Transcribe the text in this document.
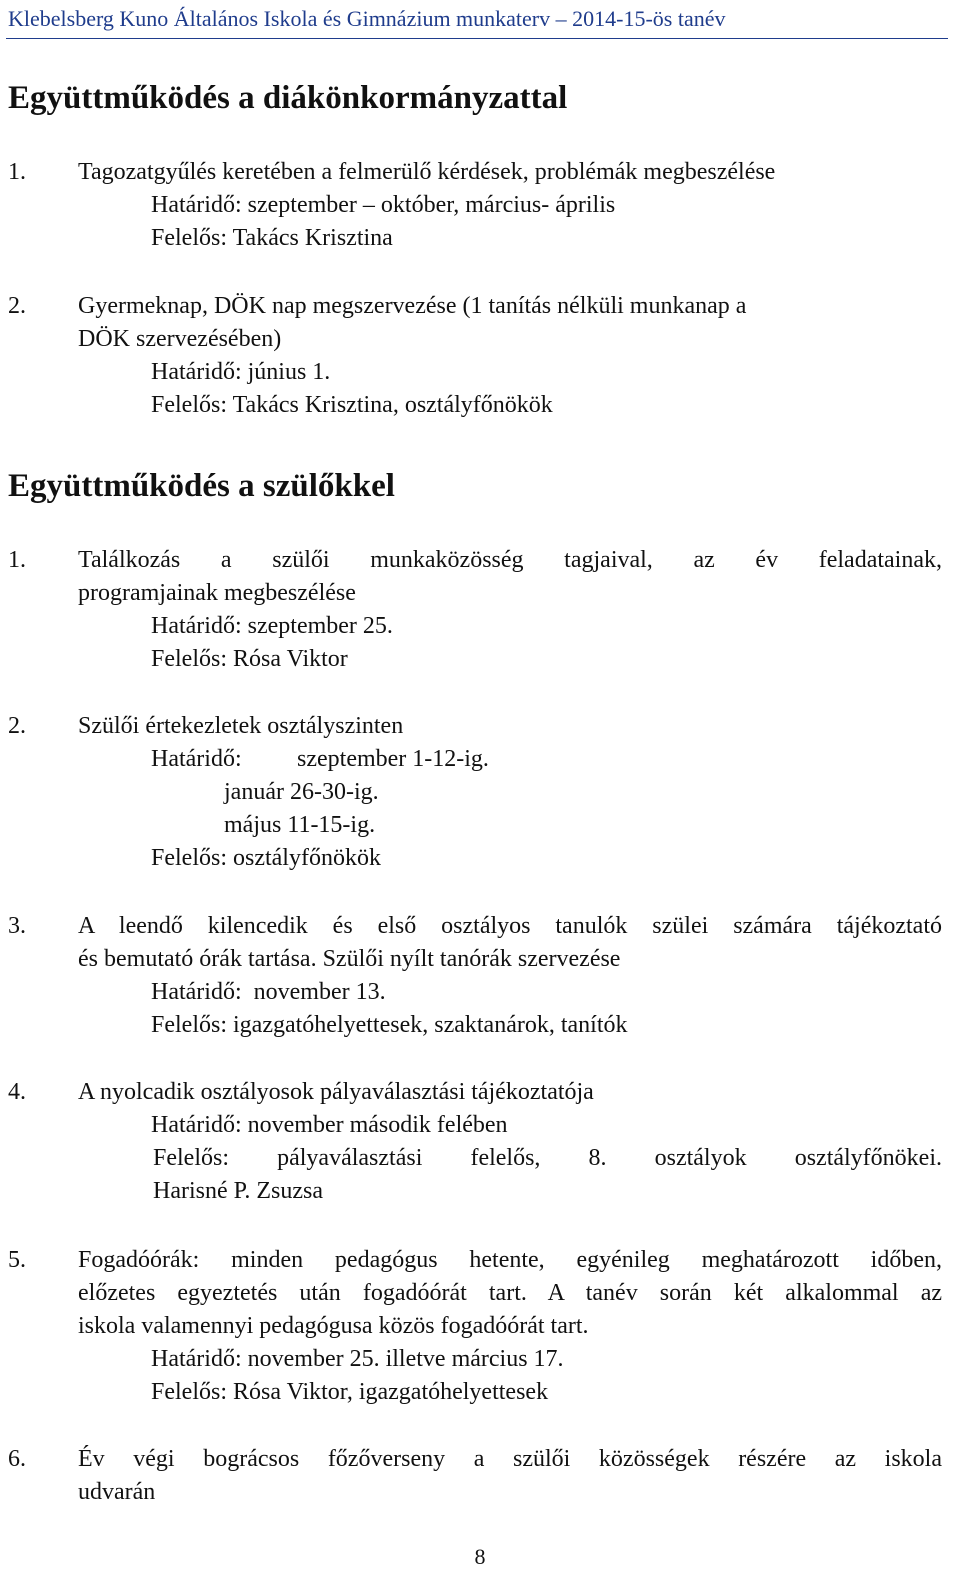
Klebelsberg Kuno Általános Iskola és Gimnázium munkaterv – 2014-15-ös tanév
Együttműködés a diákönkormányzattal
1. Tagozatgyűlés keretében a felmerülő kérdések, problémák megbeszélése
Határidő: szeptember – október, március- április
Felelős: Takács Krisztina
2. Gyermeknap, DÖK nap megszervezése (1 tanítás nélküli munkanap a
DÖK szervezésében)
Határidő: június 1.
Felelős: Takács Krisztina, osztályfőnökök
Együttműködés a szülőkkel
1. Találkozás a szülői munkaközösség tagjaival, az év feladatainak,
programjainak megbeszélése
Határidő: szeptember 25.
Felelős: Rósa Viktor
2. Szülői értekezletek osztályszinten
Határidő: szeptember 1-12-ig.
január 26-30-ig.
május 11-15-ig.
Felelős: osztályfőnökök
3. A leendő kilencedik és első osztályos tanulók szülei számára tájékoztató
és bemutató órák tartása. Szülői nyílt tanórák szervezése
Határidő:  november 13.
Felelős: igazgatóhelyettesek, szaktanárok, tanítók
4. A nyolcadik osztályosok pályaválasztási tájékoztatója
Határidő: november második felében
Felelős: pályaválasztási felelős, 8. osztályok osztályfőnökei.
Harisné P. Zsuzsa
5. Fogadóórák: minden pedagógus hetente, egyénileg meghatározott időben,
előzetes egyeztetés után fogadóórát tart. A tanév során két alkalommal az
iskola valamennyi pedagógusa közös fogadóórát tart.
Határidő: november 25. illetve március 17.
Felelős: Rósa Viktor, igazgatóhelyettesek
6. Év végi bográcsos főzőverseny a szülői közösségek részére az iskola
udvarán
8
